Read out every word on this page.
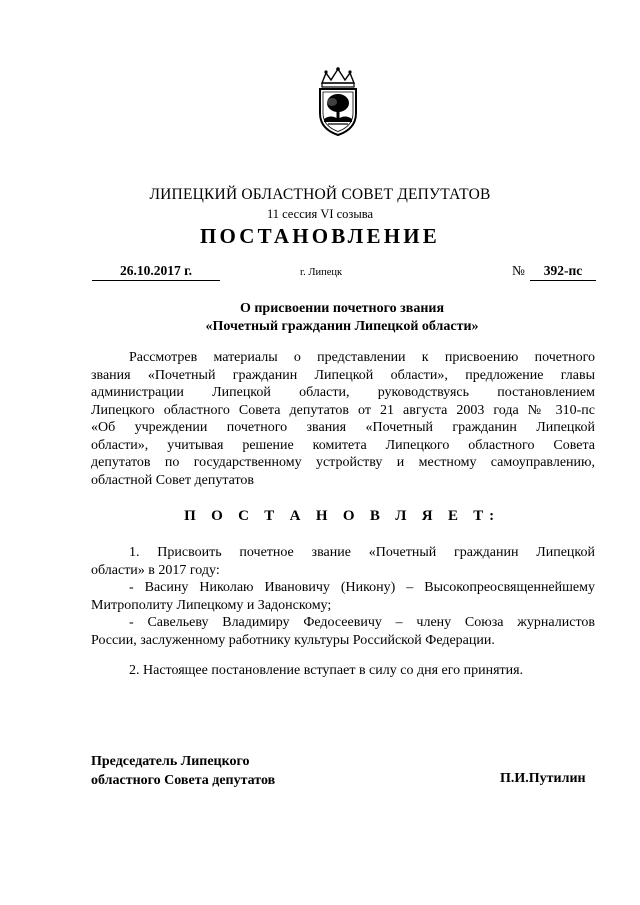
ЛИПЕЦКИЙ ОБЛАСТНОЙ СОВЕТ ДЕПУТАТОВ
11 сессия VI созыва
ПОСТАНОВЛЕНИЕ
26.10.2017 г.	г. Липецк	№	392-пс
О присвоении почетного звания
«Почетный гражданин Липецкой области»
Рассмотрев материалы о представлении к присвоению почетного
звания «Почетный гражданин Липецкой области», предложение главы
администрации Липецкой области, руководствуясь постановлением
Липецкого областного Совета депутатов от 21 августа 2003 года № 310-пс
«Об учреждении почетного звания «Почетный гражданин Липецкой
области», учитывая решение комитета Липецкого областного Совета
депутатов по государственному устройству и местному самоуправлению,
областной Совет депутатов
П О С Т А Н О В Л Я Е Т:
1. Присвоить почетное звание «Почетный гражданин Липецкой
области» в 2017 году:
- Васину Николаю Ивановичу (Никону) – Высокопреосвященнейшему
Митрополиту Липецкому и Задонскому;
- Савельеву Владимиру Федосеевичу – члену Союза журналистов
России, заслуженному работнику культуры Российской Федерации.
2. Настоящее постановление вступает в силу со дня его принятия.
Председатель Липецкого
областного Совета депутатов	П.И.Путилин
